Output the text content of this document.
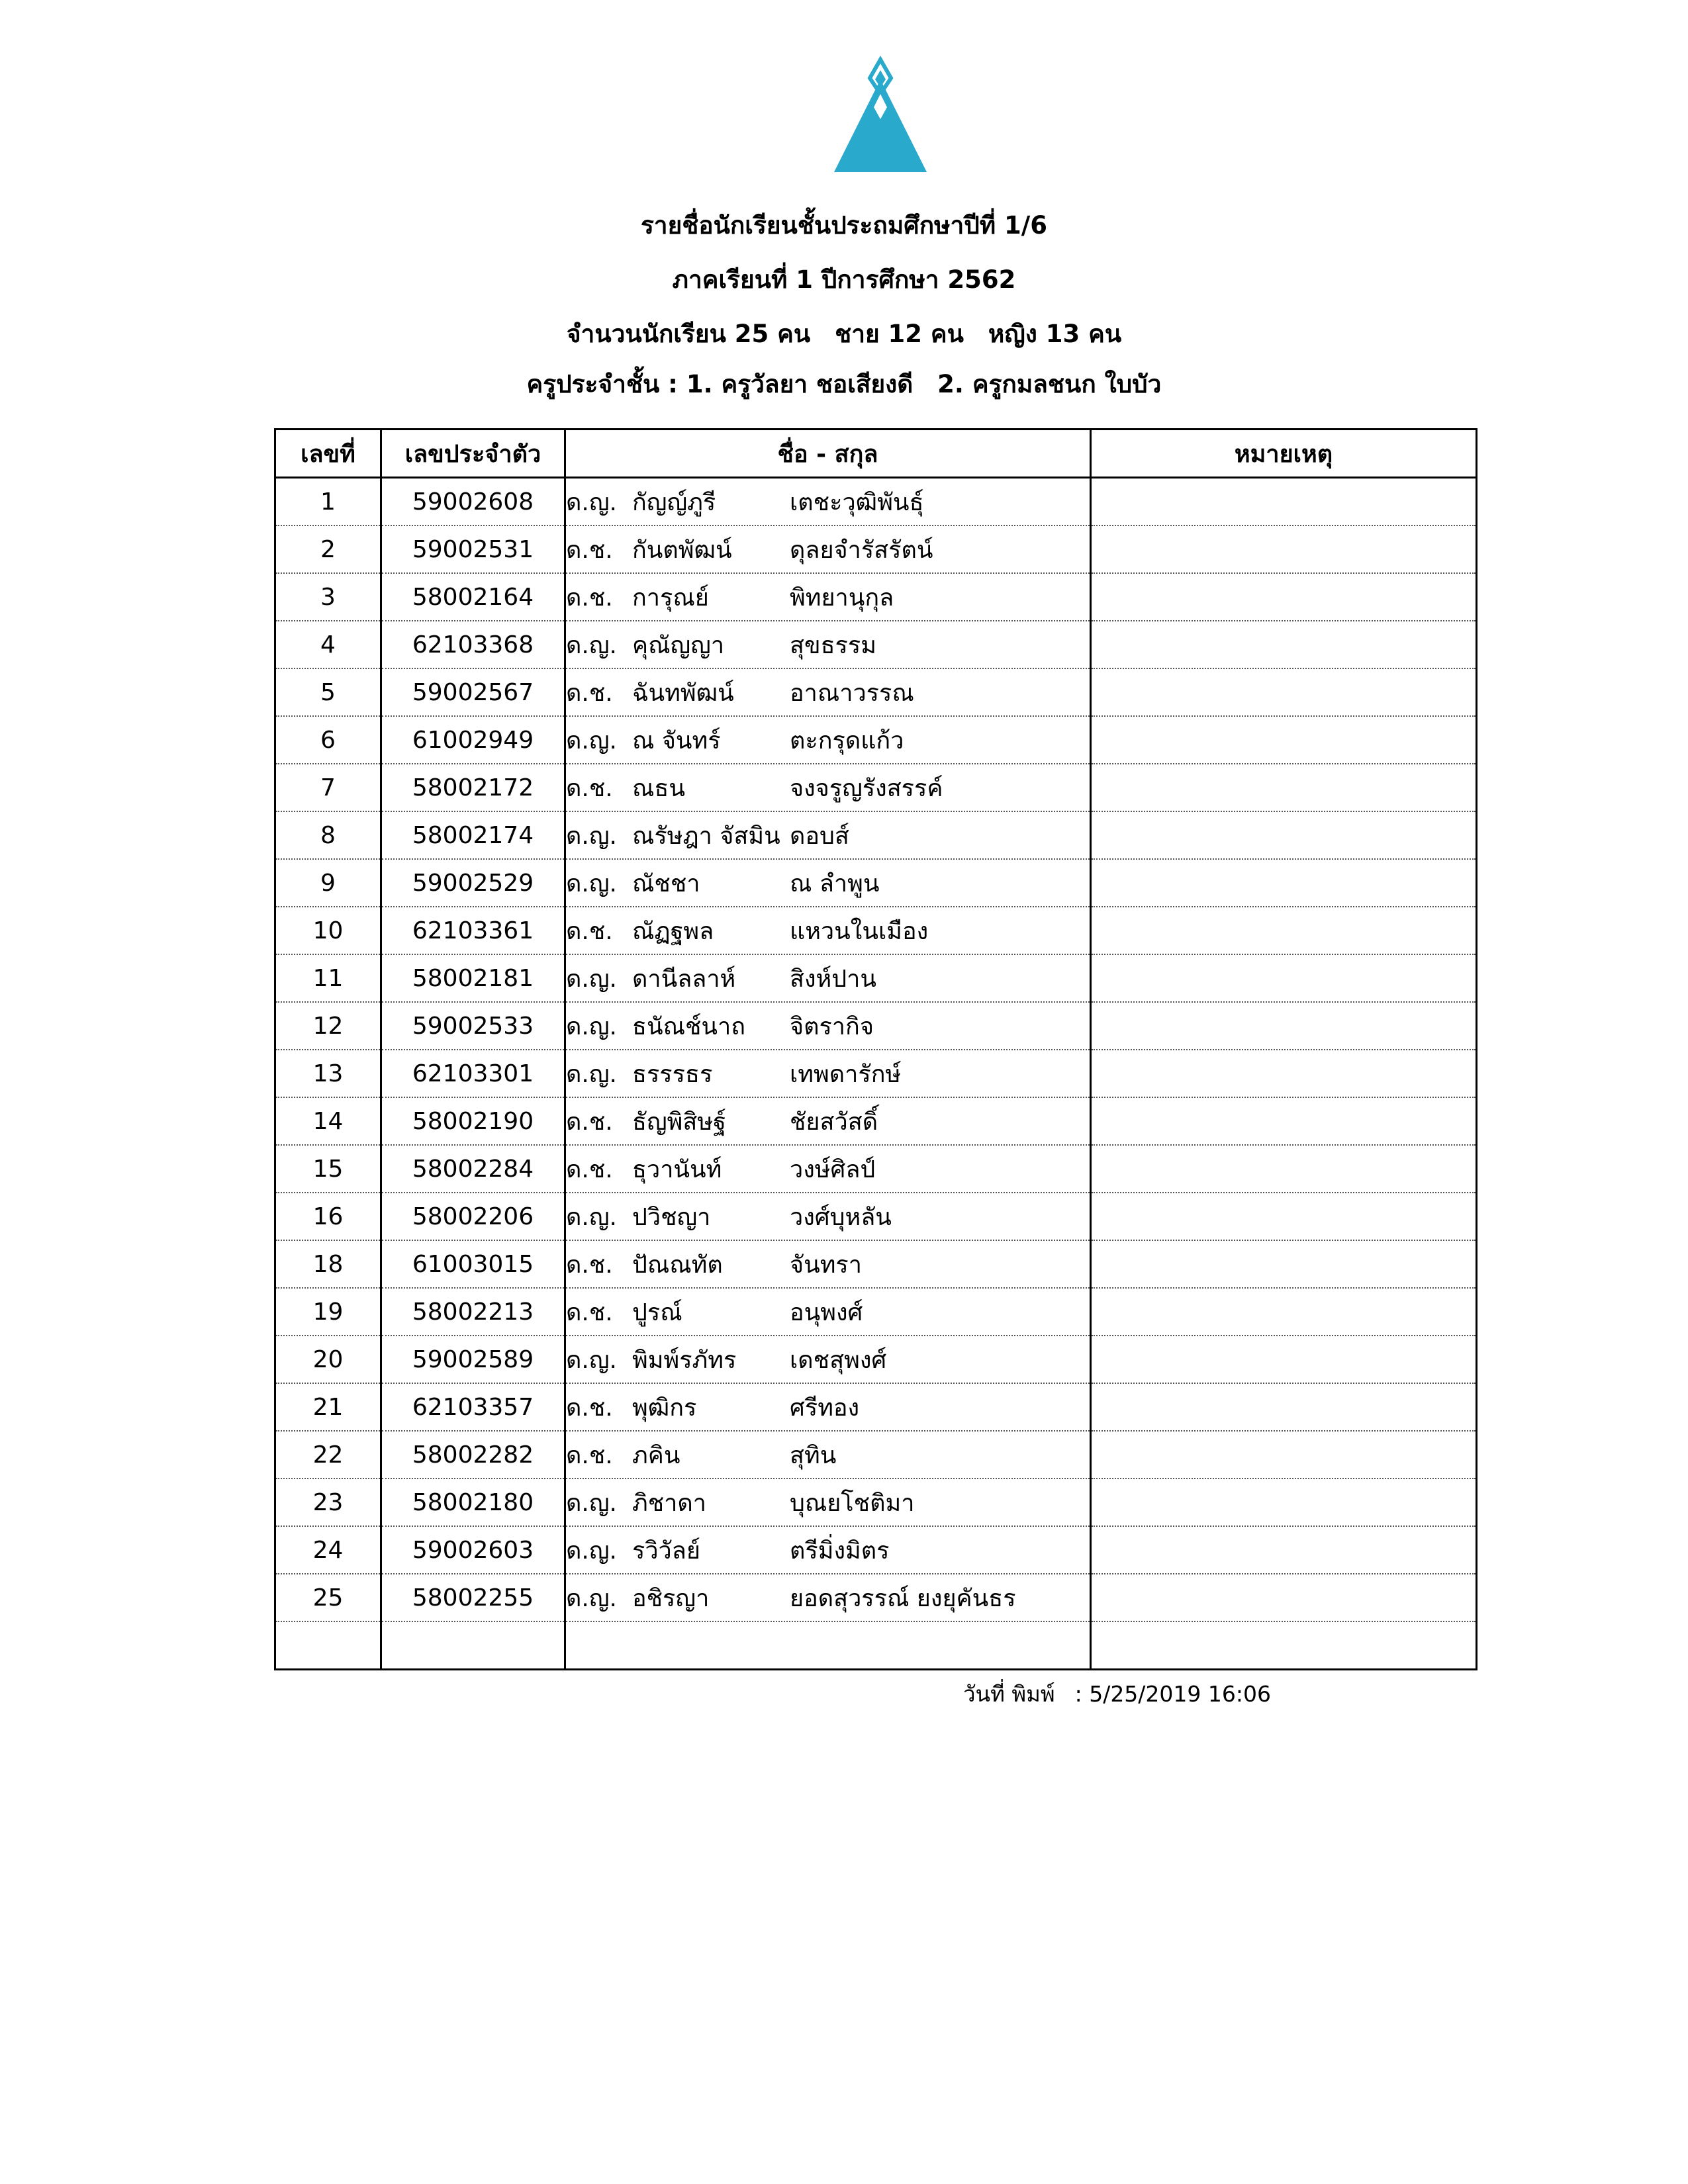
รายชื่อนักเรียนชั้นประถมศึกษาปีที่ 1/6
ภาคเรียนที่ 1 ปีการศึกษา 2562
จำนวนนักเรียน 25 คน ชาย 12 คน หญิง 13 คน
ครูประจำชั้น : 1. ครูวัลยา ชอเสียงดี 2. ครูกมลชนก ใบบัว
เลขที่	เลขประจำตัว	ชื่อ - สกุล	หมายเหตุ
1	59002608	ด.ญ. กัญญ์ภูรี เตชะวุฒิพันธุ์	
2	59002531	ด.ช. กันตพัฒน์ ดุลยจำรัสรัตน์	
3	58002164	ด.ช. การุณย์ พิทยานุกุล	
4	62103368	ด.ญ. คุณัญญา สุขธรรม	
5	59002567	ด.ช. ฉันทพัฒน์ อาณาวรรณ	
6	61002949	ด.ญ. ณ จันทร์ ตะกรุดแก้ว	
7	58002172	ด.ช. ณธน จงจรูญรังสรรค์	
8	58002174	ด.ญ. ณรัษฎา จัสมิน ดอบส์	
9	59002529	ด.ญ. ณัชชา ณ ลำพูน	
10	62103361	ด.ช. ณัฏฐพล แหวนในเมือง	
11	58002181	ด.ญ. ดานีลลาห์ สิงห์ปาน	
12	59002533	ด.ญ. ธนัณช์นาถ จิตรากิจ	
13	62103301	ด.ญ. ธรรรธร เทพดารักษ์	
14	58002190	ด.ช. ธัญพิสิษฐ์ ชัยสวัสดิ์	
15	58002284	ด.ช. ธุวานันท์ วงษ์ศิลป์	
16	58002206	ด.ญ. ปวิชญา วงศ์บุหลัน	
18	61003015	ด.ช. ปัณณทัต จันทรา	
19	58002213	ด.ช. ปูรณ์ อนุพงศ์	
20	59002589	ด.ญ. พิมพ์รภัทร เดชสุพงศ์	
21	62103357	ด.ช. พุฒิกร ศรีทอง	
22	58002282	ด.ช. ภคิน สุทิน	
23	58002180	ด.ญ. ภิชาดา บุณยโชติมา	
24	59002603	ด.ญ. รวิวัลย์ ตรีมิ่งมิตร	
25	58002255	ด.ญ. อชิรญา ยอดสุวรรณ์ ยงยุคันธร	

วันที่ พิมพ์ : 5/25/2019 16:06
